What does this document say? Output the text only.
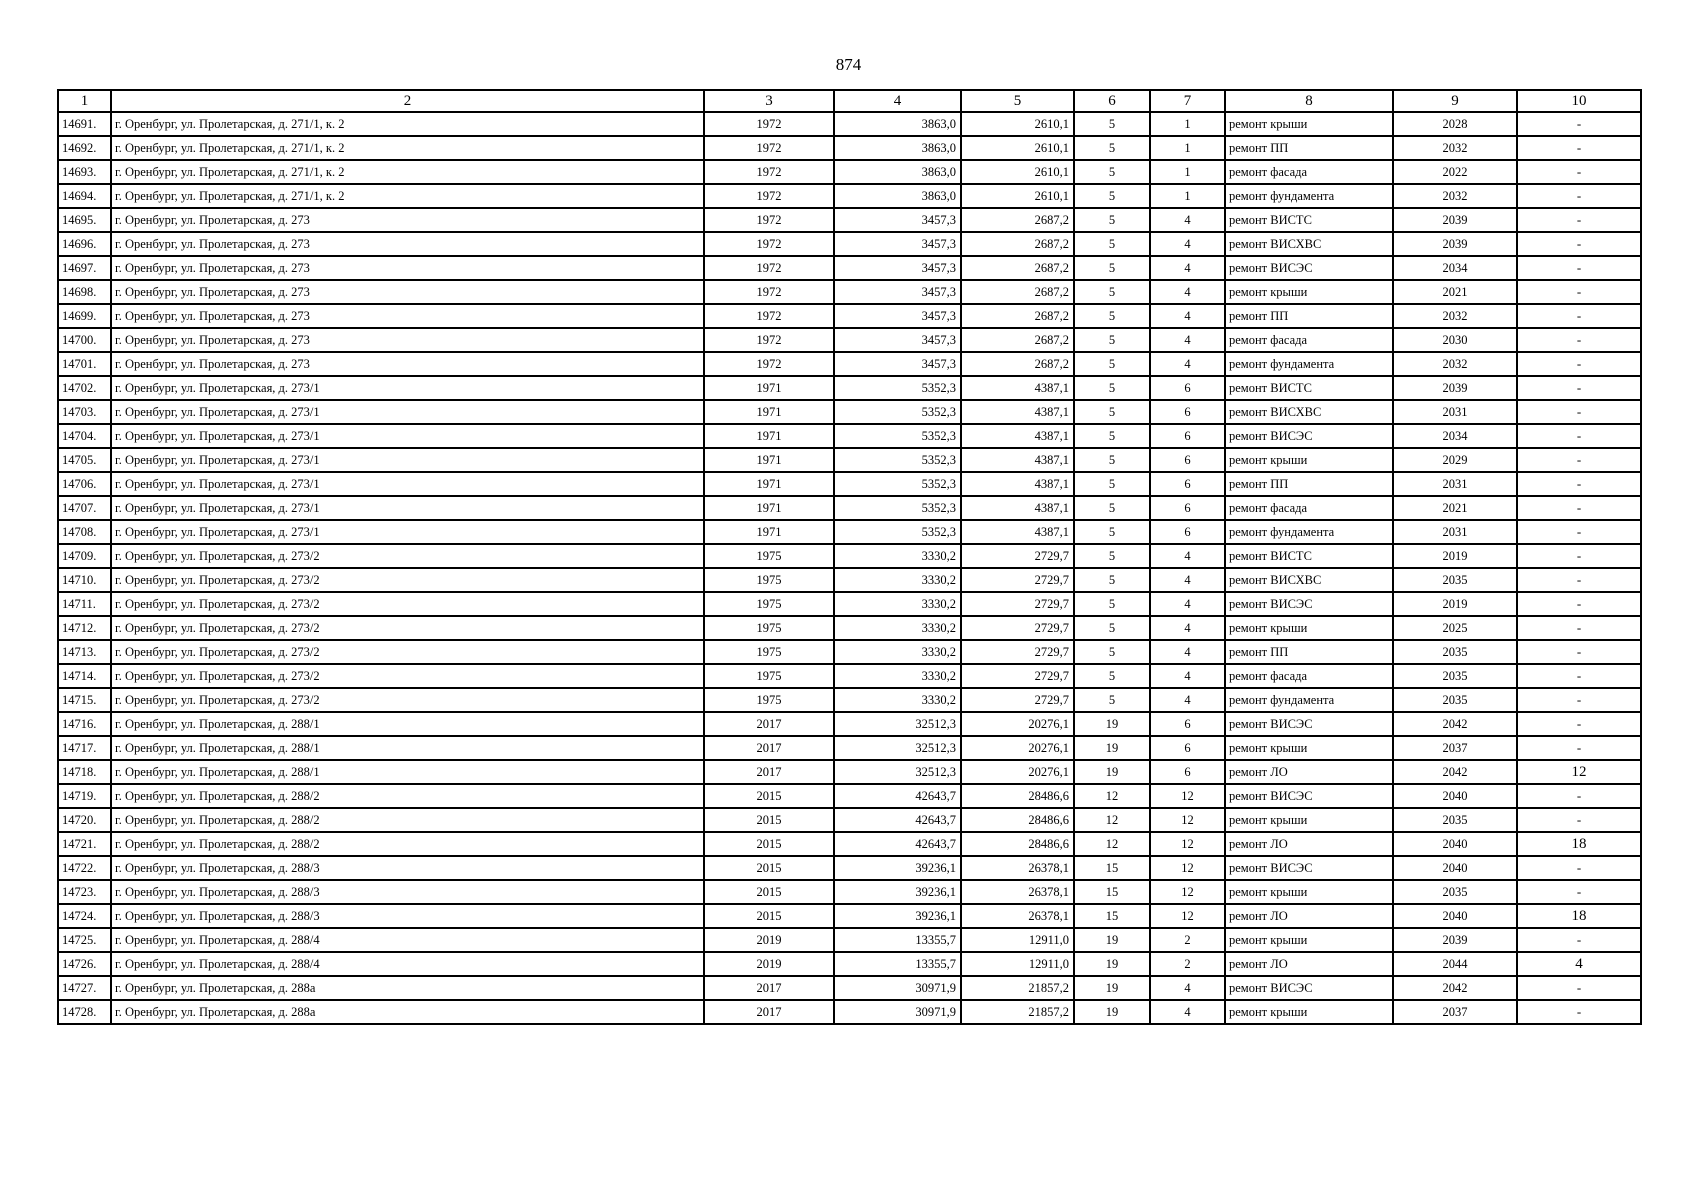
874
1	2	3	4	5	6	7	8	9	10
14691.	г. Оренбург, ул. Пролетарская, д. 271/1, к. 2	1972	3863,0	2610,1	5	1	ремонт крыши	2028	-
14692.	г. Оренбург, ул. Пролетарская, д. 271/1, к. 2	1972	3863,0	2610,1	5	1	ремонт ПП	2032	-
14693.	г. Оренбург, ул. Пролетарская, д. 271/1, к. 2	1972	3863,0	2610,1	5	1	ремонт фасада	2022	-
14694.	г. Оренбург, ул. Пролетарская, д. 271/1, к. 2	1972	3863,0	2610,1	5	1	ремонт фундамента	2032	-
14695.	г. Оренбург, ул. Пролетарская, д. 273	1972	3457,3	2687,2	5	4	ремонт ВИСТС	2039	-
14696.	г. Оренбург, ул. Пролетарская, д. 273	1972	3457,3	2687,2	5	4	ремонт ВИСХВС	2039	-
14697.	г. Оренбург, ул. Пролетарская, д. 273	1972	3457,3	2687,2	5	4	ремонт ВИСЭС	2034	-
14698.	г. Оренбург, ул. Пролетарская, д. 273	1972	3457,3	2687,2	5	4	ремонт крыши	2021	-
14699.	г. Оренбург, ул. Пролетарская, д. 273	1972	3457,3	2687,2	5	4	ремонт ПП	2032	-
14700.	г. Оренбург, ул. Пролетарская, д. 273	1972	3457,3	2687,2	5	4	ремонт фасада	2030	-
14701.	г. Оренбург, ул. Пролетарская, д. 273	1972	3457,3	2687,2	5	4	ремонт фундамента	2032	-
14702.	г. Оренбург, ул. Пролетарская, д. 273/1	1971	5352,3	4387,1	5	6	ремонт ВИСТС	2039	-
14703.	г. Оренбург, ул. Пролетарская, д. 273/1	1971	5352,3	4387,1	5	6	ремонт ВИСХВС	2031	-
14704.	г. Оренбург, ул. Пролетарская, д. 273/1	1971	5352,3	4387,1	5	6	ремонт ВИСЭС	2034	-
14705.	г. Оренбург, ул. Пролетарская, д. 273/1	1971	5352,3	4387,1	5	6	ремонт крыши	2029	-
14706.	г. Оренбург, ул. Пролетарская, д. 273/1	1971	5352,3	4387,1	5	6	ремонт ПП	2031	-
14707.	г. Оренбург, ул. Пролетарская, д. 273/1	1971	5352,3	4387,1	5	6	ремонт фасада	2021	-
14708.	г. Оренбург, ул. Пролетарская, д. 273/1	1971	5352,3	4387,1	5	6	ремонт фундамента	2031	-
14709.	г. Оренбург, ул. Пролетарская, д. 273/2	1975	3330,2	2729,7	5	4	ремонт ВИСТС	2019	-
14710.	г. Оренбург, ул. Пролетарская, д. 273/2	1975	3330,2	2729,7	5	4	ремонт ВИСХВС	2035	-
14711.	г. Оренбург, ул. Пролетарская, д. 273/2	1975	3330,2	2729,7	5	4	ремонт ВИСЭС	2019	-
14712.	г. Оренбург, ул. Пролетарская, д. 273/2	1975	3330,2	2729,7	5	4	ремонт крыши	2025	-
14713.	г. Оренбург, ул. Пролетарская, д. 273/2	1975	3330,2	2729,7	5	4	ремонт ПП	2035	-
14714.	г. Оренбург, ул. Пролетарская, д. 273/2	1975	3330,2	2729,7	5	4	ремонт фасада	2035	-
14715.	г. Оренбург, ул. Пролетарская, д. 273/2	1975	3330,2	2729,7	5	4	ремонт фундамента	2035	-
14716.	г. Оренбург, ул. Пролетарская, д. 288/1	2017	32512,3	20276,1	19	6	ремонт ВИСЭС	2042	-
14717.	г. Оренбург, ул. Пролетарская, д. 288/1	2017	32512,3	20276,1	19	6	ремонт крыши	2037	-
14718.	г. Оренбург, ул. Пролетарская, д. 288/1	2017	32512,3	20276,1	19	6	ремонт ЛО	2042	12
14719.	г. Оренбург, ул. Пролетарская, д. 288/2	2015	42643,7	28486,6	12	12	ремонт ВИСЭС	2040	-
14720.	г. Оренбург, ул. Пролетарская, д. 288/2	2015	42643,7	28486,6	12	12	ремонт крыши	2035	-
14721.	г. Оренбург, ул. Пролетарская, д. 288/2	2015	42643,7	28486,6	12	12	ремонт ЛО	2040	18
14722.	г. Оренбург, ул. Пролетарская, д. 288/3	2015	39236,1	26378,1	15	12	ремонт ВИСЭС	2040	-
14723.	г. Оренбург, ул. Пролетарская, д. 288/3	2015	39236,1	26378,1	15	12	ремонт крыши	2035	-
14724.	г. Оренбург, ул. Пролетарская, д. 288/3	2015	39236,1	26378,1	15	12	ремонт ЛО	2040	18
14725.	г. Оренбург, ул. Пролетарская, д. 288/4	2019	13355,7	12911,0	19	2	ремонт крыши	2039	-
14726.	г. Оренбург, ул. Пролетарская, д. 288/4	2019	13355,7	12911,0	19	2	ремонт ЛО	2044	4
14727.	г. Оренбург, ул. Пролетарская, д. 288а	2017	30971,9	21857,2	19	4	ремонт ВИСЭС	2042	-
14728.	г. Оренбург, ул. Пролетарская, д. 288а	2017	30971,9	21857,2	19	4	ремонт крыши	2037	-
